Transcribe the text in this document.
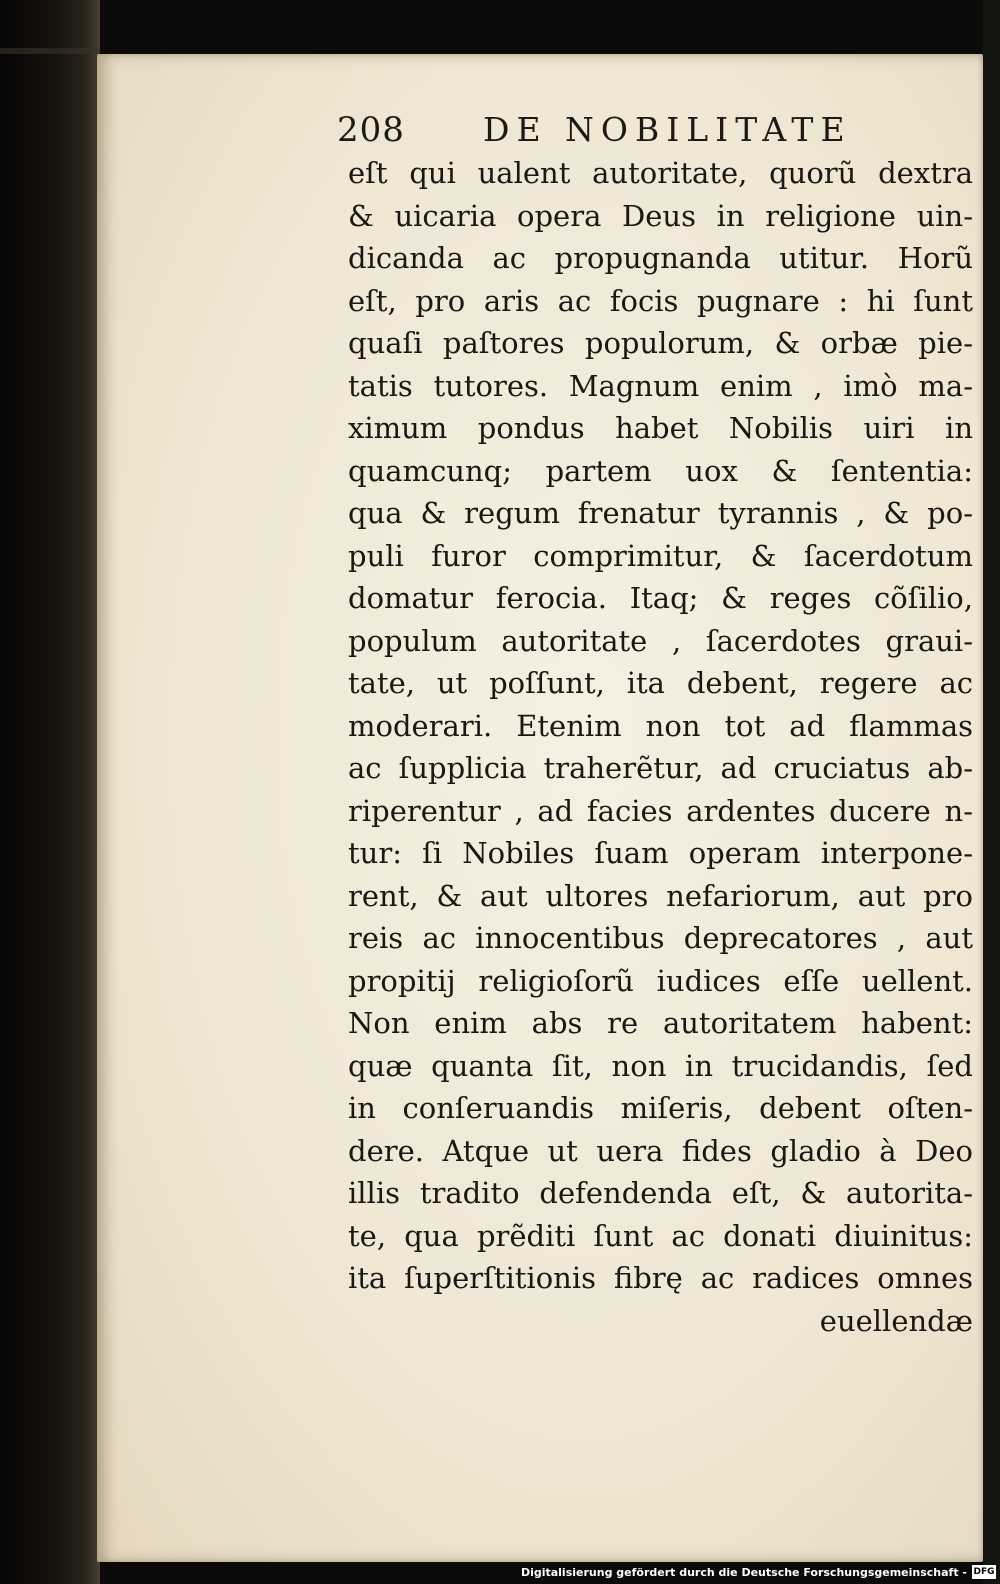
208 DE NOBILITATE
eſt qui ualent autoritate, quorũ dextra
& uicaria opera Deus in religione uin-
dicanda ac propugnanda utitur. Horũ
eſt, pro aris ac focis pugnare : hi ſunt
quaſi paſtores populorum, & orbæ pie-
tatis tutores. Magnum enim , imò ma-
ximum pondus habet Nobilis uiri in
quamcunq; partem uox & ſententia:
qua & regum frenatur tyrannis , & po-
puli furor comprimitur, & ſacerdotum
domatur ferocia. Itaq; & reges cõſilio,
populum autoritate , ſacerdotes graui-
tate, ut poſſunt, ita debent, regere ac
moderari. Etenim non tot ad flammas
ac ſupplicia traherẽtur, ad cruciatus ab-
riperentur , ad facies ardentes ducere n-
tur: ſi Nobiles ſuam operam interpone-
rent, & aut ultores nefariorum, aut pro
reis ac innocentibus deprecatores , aut
propitij religioſorũ iudices eſſe uellent.
Non enim abs re autoritatem habent:
quæ quanta ſit, non in trucidandis, ſed
in conſeruandis miſeris, debent oſten-
dere. Atque ut uera fides gladio à Deo
illis tradito defendenda eſt, & autorita-
te, qua prẽditi ſunt ac donati diuinitus:
ita ſuperſtitionis fibrę ac radices omnes
euellendæ
Digitalisierung gefördert durch die Deutsche Forschungsgemeinschaft - DFG
